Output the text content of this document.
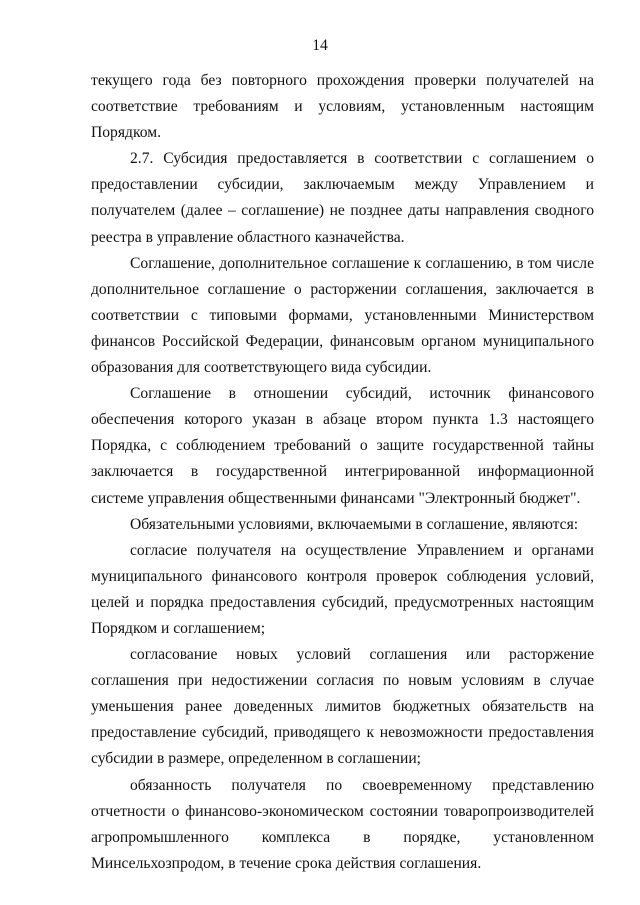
14

текущего года без повторного прохождения проверки получателей на соответствие требованиям и условиям, установленным настоящим Порядком.

2.7. Субсидия предоставляется в соответствии с соглашением о предоставлении субсидии, заключаемым между Управлением и получателем (далее – соглашение) не позднее даты направления сводного реестра в управление областного казначейства.

Соглашение, дополнительное соглашение к соглашению, в том числе дополнительное соглашение о расторжении соглашения, заключается в соответствии с типовыми формами, установленными Министерством финансов Российской Федерации, финансовым органом муниципального образования для соответствующего вида субсидии.

Соглашение в отношении субсидий, источник финансового обеспечения которого указан в абзаце втором пункта 1.3 настоящего Порядка, с соблюдением требований о защите государственной тайны заключается в государственной интегрированной информационной системе управления общественными финансами "Электронный бюджет".

Обязательными условиями, включаемыми в соглашение, являются:

согласие получателя на осуществление Управлением и органами муниципального финансового контроля проверок соблюдения условий, целей и порядка предоставления субсидий, предусмотренных настоящим Порядком и соглашением;

согласование новых условий соглашения или расторжение соглашения при недостижении согласия по новым условиям в случае уменьшения ранее доведенных лимитов бюджетных обязательств на предоставление субсидий, приводящего к невозможности предоставления субсидии в размере, определенном в соглашении;

обязанность получателя по своевременному представлению отчетности о финансово-экономическом состоянии товаропроизводителей агропромышленного комплекса в порядке, установленном Минсельхозпродом, в течение срока действия соглашения.
